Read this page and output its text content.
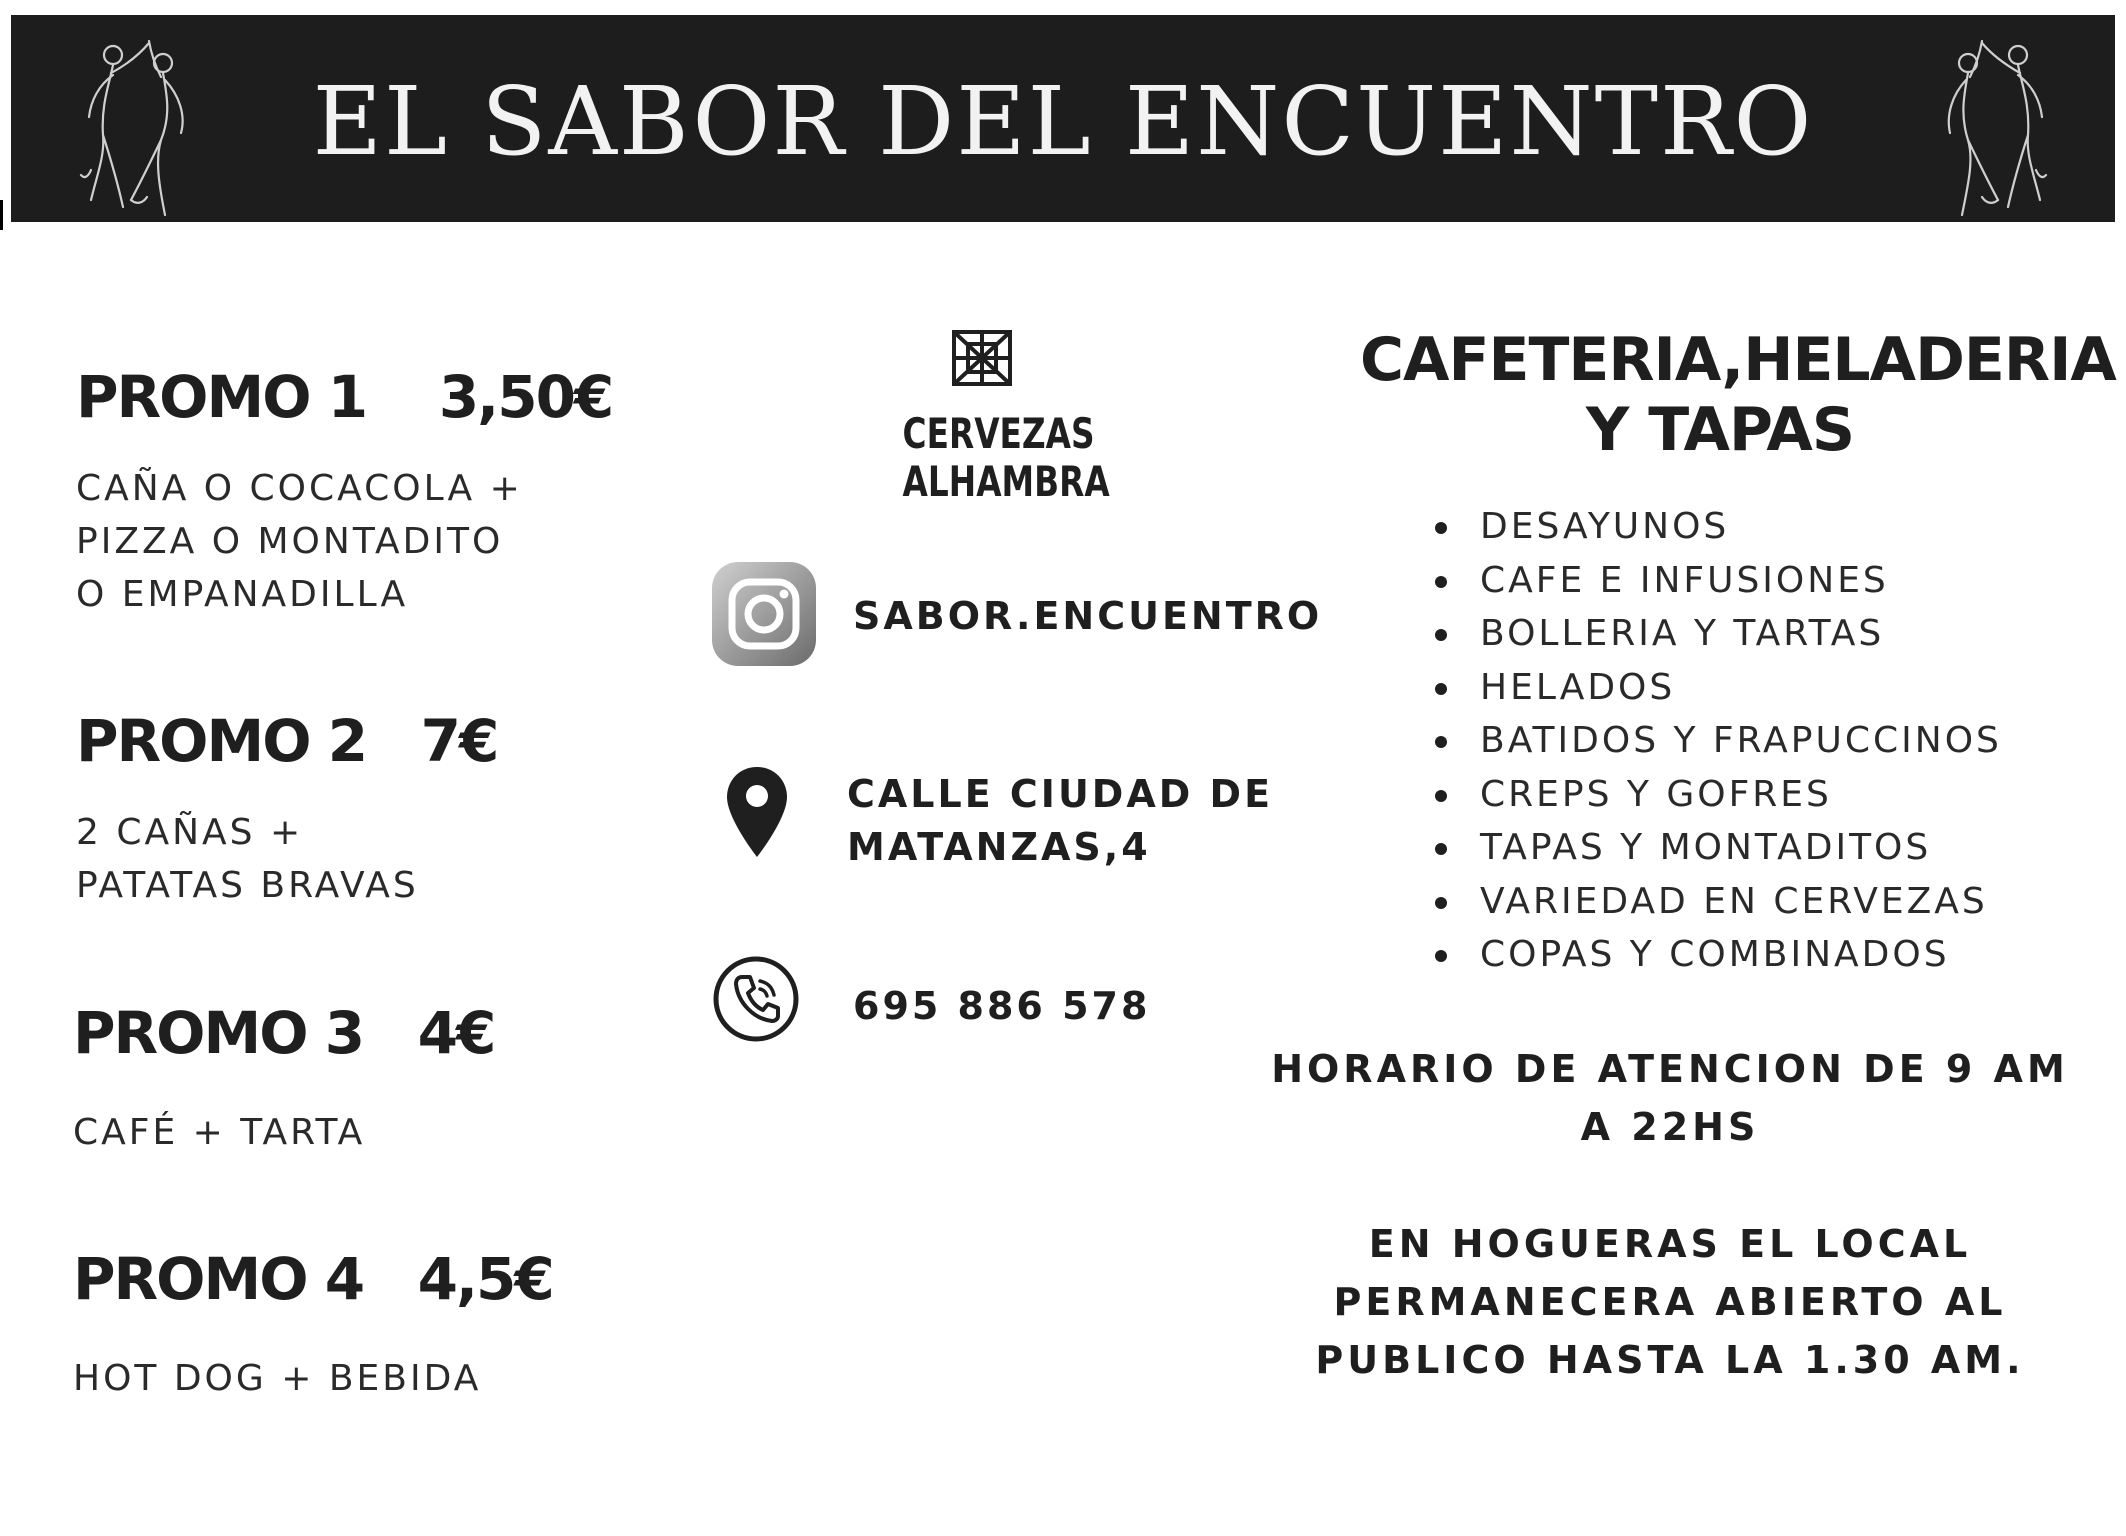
EL SABOR DEL ENCUENTRO
PROMO 1    3,50€
CAÑA O COCACOLA +
PIZZA O MONTADITO
O EMPANADILLA
PROMO 2   7€
2 CAÑAS +
PATATAS BRAVAS
PROMO 3   4€
CAFÉ + TARTA
PROMO 4   4,5€
HOT DOG + BEBIDA
CERVEZAS
ALHAMBRA
SABOR.ENCUENTRO
CALLE CIUDAD DE
MATANZAS,4
695 886 578
CAFETERIA,HELADERIA
Y TAPAS
DESAYUNOS
CAFE E INFUSIONES
BOLLERIA Y TARTAS
HELADOS
BATIDOS Y FRAPUCCINOS
CREPS Y GOFRES
TAPAS Y MONTADITOS
VARIEDAD EN CERVEZAS
COPAS Y COMBINADOS
HORARIO DE ATENCION DE 9 AM
A 22HS
EN HOGUERAS EL LOCAL
PERMANECERA ABIERTO AL
PUBLICO HASTA LA 1.30 AM.
